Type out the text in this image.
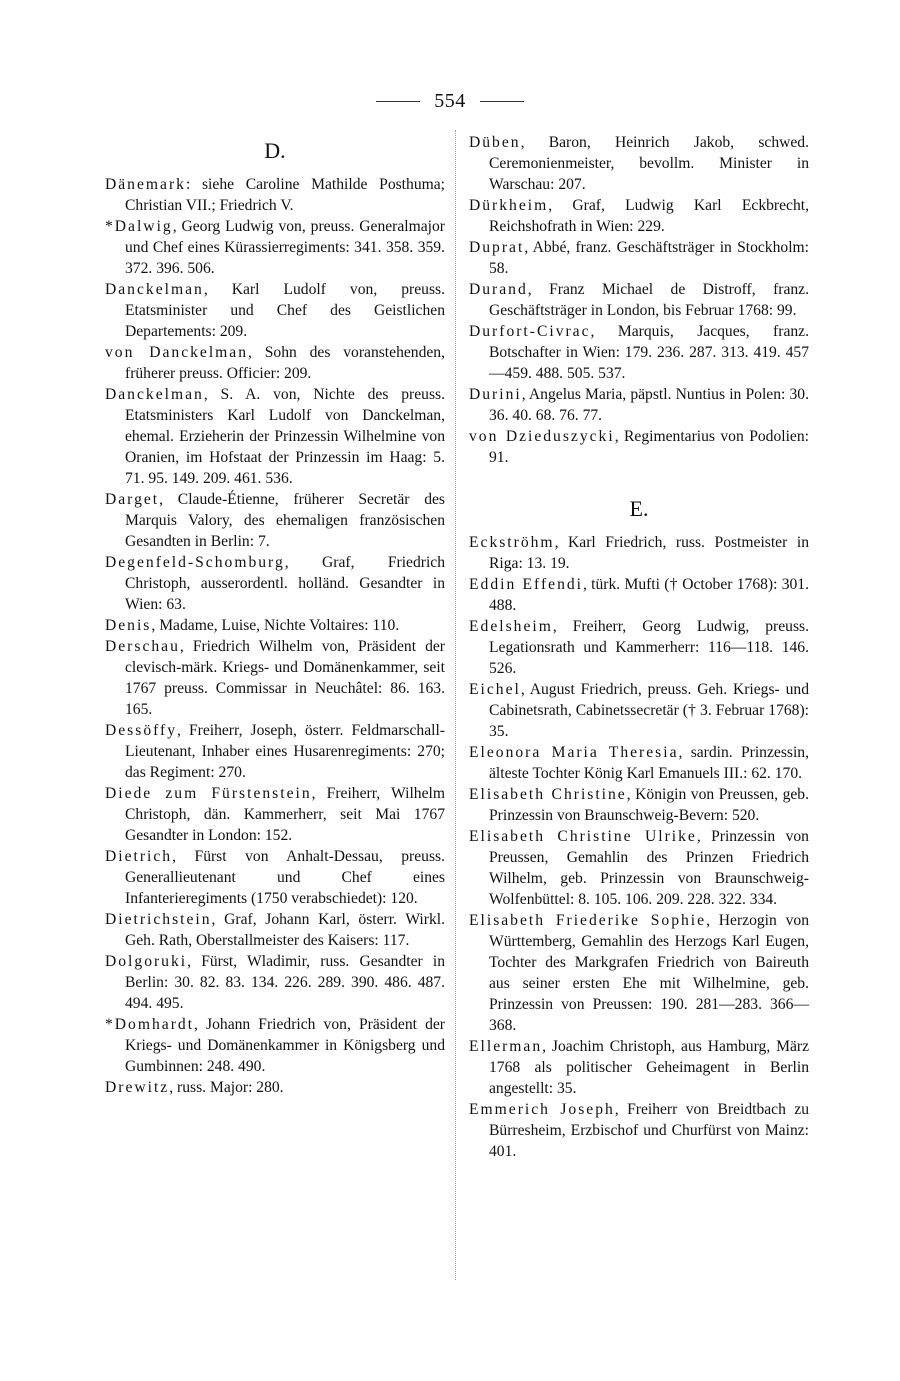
554
D.

Dänemark: siehe Caroline Mathilde Posthuma; Christian VII.; Friedrich V.

*Dalwig, Georg Ludwig von, preuss. Generalmajor und Chef eines Kürassierregiments: 341. 358. 359. 372. 396. 506.

Danckelman, Karl Ludolf von, preuss. Etatsminister und Chef des Geistlichen Departements: 209.

von Danckelman, Sohn des voranstehenden, früherer preuss. Officier: 209.

Danckelman, S. A. von, Nichte des preuss. Etatsministers Karl Ludolf von Danckelman, ehemal. Erzieherin der Prinzessin Wilhelmine von Oranien, im Hofstaat der Prinzessin im Haag: 5. 71. 95. 149. 209. 461. 536.

Darget, Claude-Étienne, früherer Secretär des Marquis Valory, des ehemaligen französischen Gesandten in Berlin: 7.

Degenfeld-Schomburg, Graf, Friedrich Christoph, ausserordentl. holländ. Gesandter in Wien: 63.

Denis, Madame, Luise, Nichte Voltaires: 110.

Derschau, Friedrich Wilhelm von, Präsident der clevisch-märk. Kriegs- und Domänenkammer, seit 1767 preuss. Commissar in Neuchâtel: 86. 163. 165.

Dessöffy, Freiherr, Joseph, österr. Feldmarschall-Lieutenant, Inhaber eines Husarenregiments: 270; das Regiment: 270.

Diede zum Fürstenstein, Freiherr, Wilhelm Christoph, dän. Kammerherr, seit Mai 1767 Gesandter in London: 152.

Dietrich, Fürst von Anhalt-Dessau, preuss. Generallieutenant und Chef eines Infanterieregiments (1750 verabschiedet): 120.

Dietrichstein, Graf, Johann Karl, österr. Wirkl. Geh. Rath, Oberstallmeister des Kaisers: 117.

Dolgoruki, Fürst, Wladimir, russ. Gesandter in Berlin: 30. 82. 83. 134. 226. 289. 390. 486. 487. 494. 495.

*Domhardt, Johann Friedrich von, Präsident der Kriegs- und Domänenkammer in Königsberg und Gumbinnen: 248. 490.

Drewitz, russ. Major: 280.

Düben, Baron, Heinrich Jakob, schwed. Ceremonienmeister, bevollm. Minister in Warschau: 207.

Dürkheim, Graf, Ludwig Karl Eckbrecht, Reichshofrath in Wien: 229.

Duprat, Abbé, franz. Geschäftsträger in Stockholm: 58.

Durand, Franz Michael de Distroff, franz. Geschäftsträger in London, bis Februar 1768: 99.

Durfort-Civrac, Marquis, Jacques, franz. Botschafter in Wien: 179. 236. 287. 313. 419. 457—459. 488. 505. 537.

Durini, Angelus Maria, päpstl. Nuntius in Polen: 30. 36. 40. 68. 76. 77.

von Dzieduszycki, Regimentarius von Podolien: 91.

E.

Eckströhm, Karl Friedrich, russ. Postmeister in Riga: 13. 19.

Eddin Effendi, türk. Mufti († October 1768): 301. 488.

Edelsheim, Freiherr, Georg Ludwig, preuss. Legationsrath und Kammerherr: 116—118. 146. 526.

Eichel, August Friedrich, preuss. Geh. Kriegs- und Cabinetsrath, Cabinetssecretär († 3. Februar 1768): 35.

Eleonora Maria Theresia, sardin. Prinzessin, älteste Tochter König Karl Emanuels III.: 62. 170.

Elisabeth Christine, Königin von Preussen, geb. Prinzessin von Braunschweig-Bevern: 520.

Elisabeth Christine Ulrike, Prinzessin von Preussen, Gemahlin des Prinzen Friedrich Wilhelm, geb. Prinzessin von Braunschweig-Wolfenbüttel: 8. 105. 106. 209. 228. 322. 334.

Elisabeth Friederike Sophie, Herzogin von Württemberg, Gemahlin des Herzogs Karl Eugen, Tochter des Markgrafen Friedrich von Baireuth aus seiner ersten Ehe mit Wilhelmine, geb. Prinzessin von Preussen: 190. 281—283. 366—368.

Ellerman, Joachim Christoph, aus Hamburg, März 1768 als politischer Geheimagent in Berlin angestellt: 35.

Emmerich Joseph, Freiherr von Breidtbach zu Bürresheim, Erzbischof und Churfürst von Mainz: 401.
